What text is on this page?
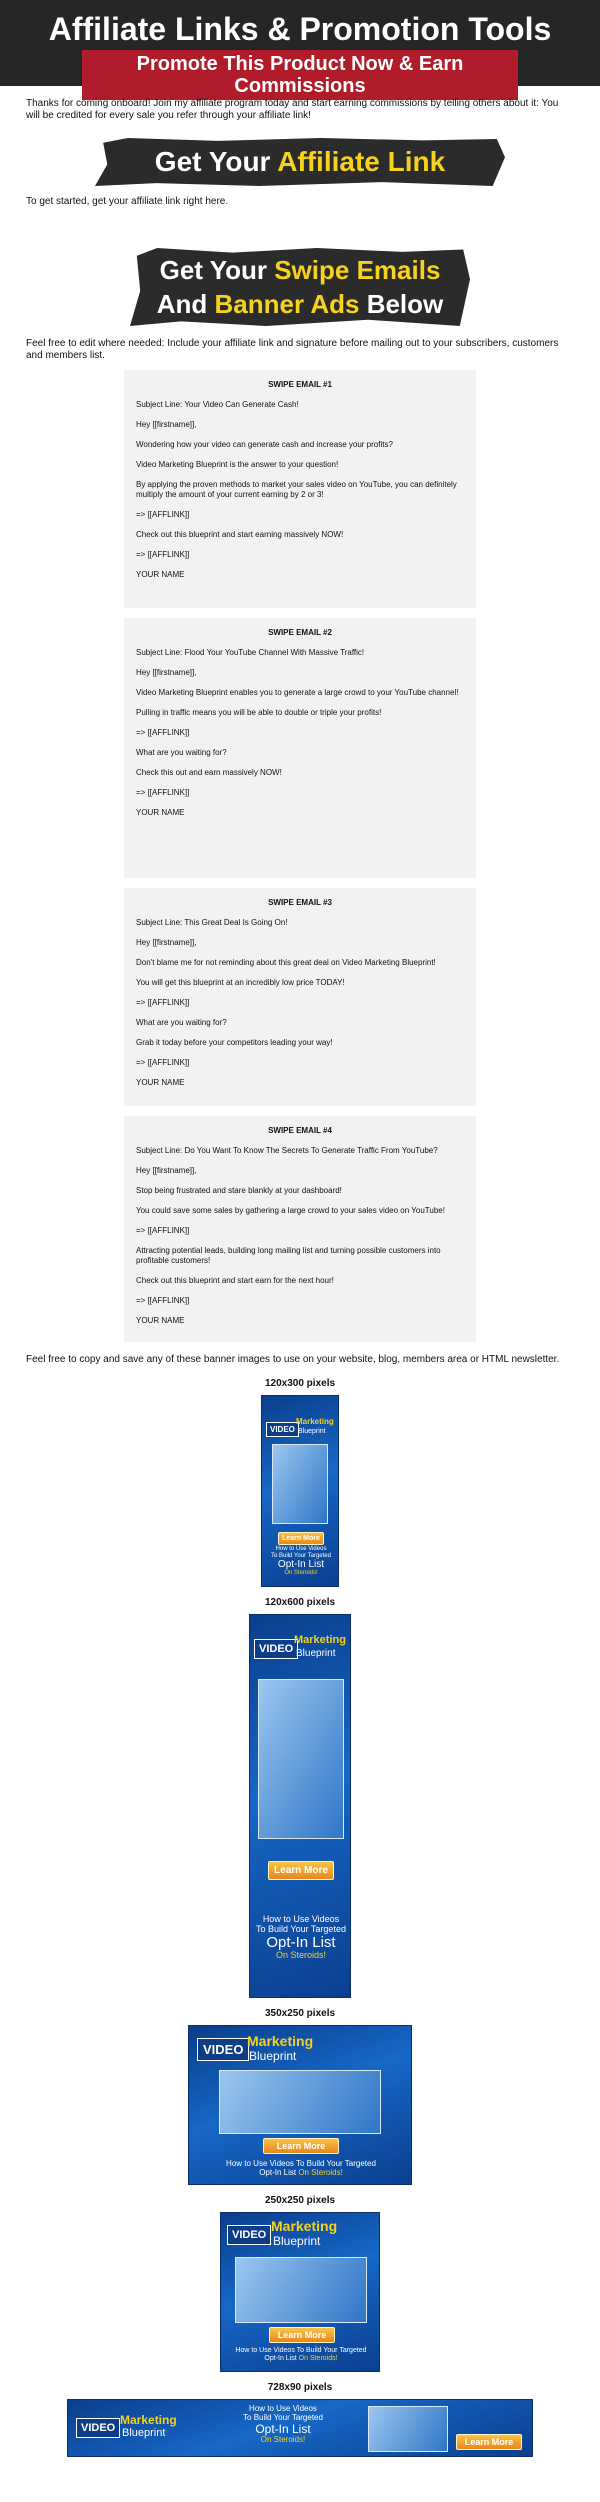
Affiliate Links & Promotion Tools
Promote This Product Now & Earn Commissions

Thanks for coming onboard! Join my affiliate program today and start earning commissions by telling others about it: You will be credited for every sale you refer through your affiliate link!

Get Your Affiliate Link

To get started, get your affiliate link right here.

Get Your Swipe Emails
And Banner Ads Below

Feel free to edit where needed: Include your affiliate link and signature before mailing out to your subscribers, customers and members list.

SWIPE EMAIL #1

Subject Line: Your Video Can Generate Cash!

Hey [[firstname]],

Wondering how your video can generate cash and increase your profits?

Video Marketing Blueprint is the answer to your question!

By applying the proven methods to market your sales video on YouTube, you can definitely multiply the amount of your current earning by 2 or 3!

=> [[AFFLINK]]

Check out this blueprint and start earning massively NOW!

=> [[AFFLINK]]

YOUR NAME

SWIPE EMAIL #2

Subject Line: Flood Your YouTube Channel With Massive Traffic!

Hey [[firstname]],

Video Marketing Blueprint enables you to generate a large crowd to your YouTube channel!

Pulling in traffic means you will be able to double or triple your profits!

=> [[AFFLINK]]

What are you waiting for?

Check this out and earn massively NOW!

=> [[AFFLINK]]

YOUR NAME

SWIPE EMAIL #3

Subject Line: This Great Deal Is Going On!

Hey [[firstname]],

Don't blame me for not reminding about this great deal on Video Marketing Blueprint!

You will get this blueprint at an incredibly low price TODAY!

=> [[AFFLINK]]

What are you waiting for?

Grab it today before your competitors leading your way!

=> [[AFFLINK]]

YOUR NAME

SWIPE EMAIL #4

Subject Line: Do You Want To Know The Secrets To Generate Traffic From YouTube?

Hey [[firstname]],

Stop being frustrated and stare blankly at your dashboard!

You could save some sales by gathering a large crowd to your sales video on YouTube!

=> [[AFFLINK]]

Attracting potential leads, building long mailing list and turning possible customers into profitable customers!

Check out this blueprint and start earn for the next hour!

=> [[AFFLINK]]

YOUR NAME

Feel free to copy and save any of these banner images to use on your website, blog, members area or HTML newsletter.

120x300 pixels
VIDEO
Marketing
Blueprint
Learn More
How to Use Videos
To Build Your Targeted
Opt-In List
On Steroids!
120x600 pixels
VIDEO
Marketing
Blueprint
Learn More
How to Use Videos
To Build Your Targeted
Opt-In List
On Steroids!
350x250 pixels
VIDEO
Marketing
Blueprint
Learn More
How to Use Videos To Build Your Targeted
Opt-In List On Steroids!
250x250 pixels
VIDEO
Marketing
Blueprint
Learn More
How to Use Videos To Build Your Targeted
Opt-In List On Steroids!
728x90 pixels
VIDEO
Marketing
Blueprint
How to Use Videos
To Build Your Targeted
Opt-In List
On Steroids!	Learn More
